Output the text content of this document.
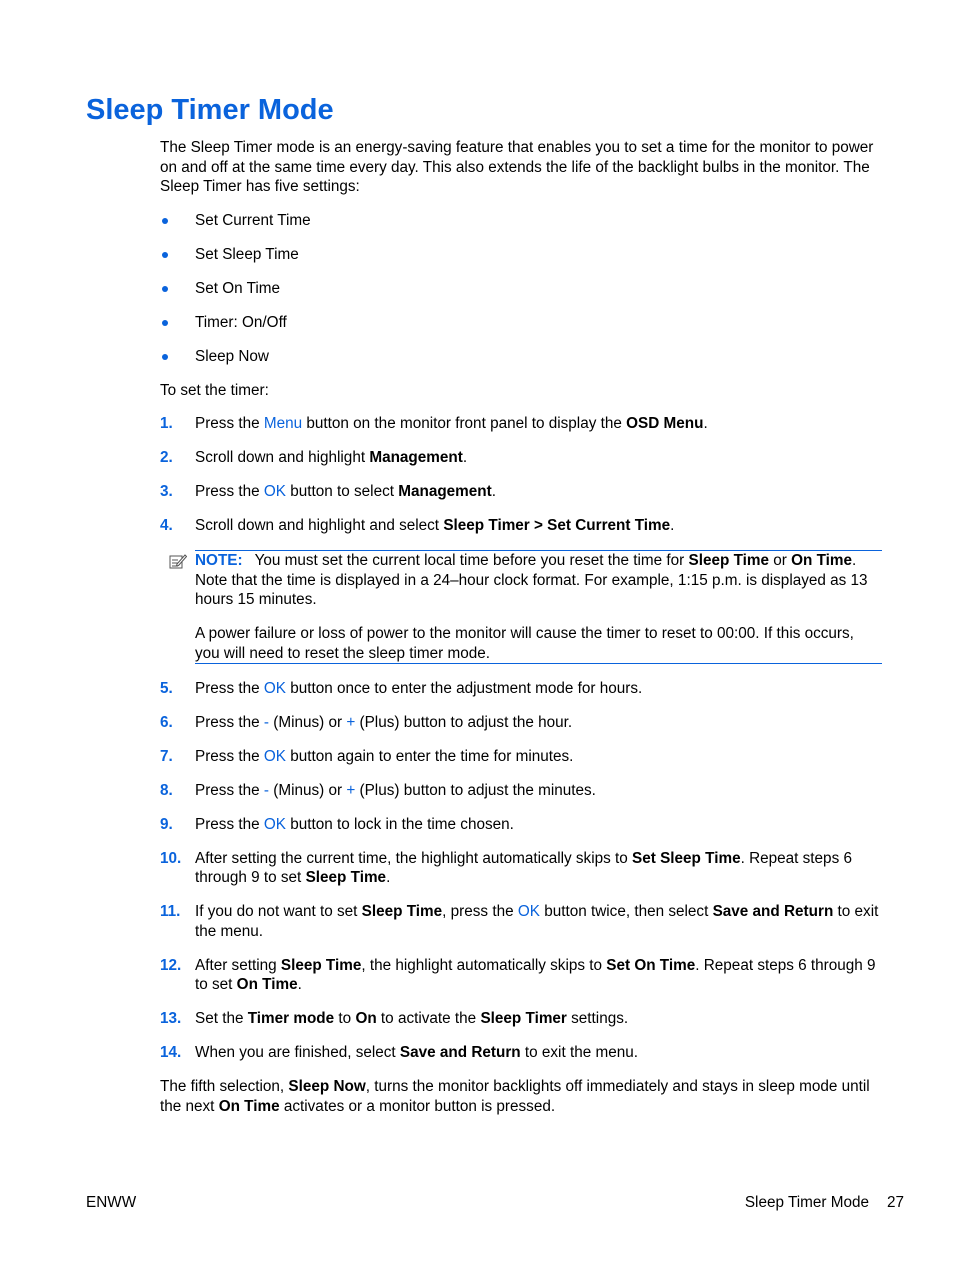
Sleep Timer Mode

The Sleep Timer mode is an energy-saving feature that enables you to set a time for the monitor to power on and off at the same time every day. This also extends the life of the backlight bulbs in the monitor. The Sleep Timer has five settings:

Set Current Time
Set Sleep Time
Set On Time
Timer: On/Off
Sleep Now

To set the timer:

1. Press the Menu button on the monitor front panel to display the OSD Menu.
2. Scroll down and highlight Management.
3. Press the OK button to select Management.
4. Scroll down and highlight and select Sleep Timer > Set Current Time.

NOTE: You must set the current local time before you reset the time for Sleep Time or On Time. Note that the time is displayed in a 24–hour clock format. For example, 1:15 p.m. is displayed as 13 hours 15 minutes.

A power failure or loss of power to the monitor will cause the timer to reset to 00:00. If this occurs, you will need to reset the sleep timer mode.

5. Press the OK button once to enter the adjustment mode for hours.
6. Press the - (Minus) or + (Plus) button to adjust the hour.
7. Press the OK button again to enter the time for minutes.
8. Press the - (Minus) or + (Plus) button to adjust the minutes.
9. Press the OK button to lock in the time chosen.
10. After setting the current time, the highlight automatically skips to Set Sleep Time. Repeat steps 6 through 9 to set Sleep Time.
11. If you do not want to set Sleep Time, press the OK button twice, then select Save and Return to exit the menu.
12. After setting Sleep Time, the highlight automatically skips to Set On Time. Repeat steps 6 through 9 to set On Time.
13. Set the Timer mode to On to activate the Sleep Timer settings.
14. When you are finished, select Save and Return to exit the menu.

The fifth selection, Sleep Now, turns the monitor backlights off immediately and stays in sleep mode until the next On Time activates or a monitor button is pressed.

ENWW	Sleep Timer Mode 27
